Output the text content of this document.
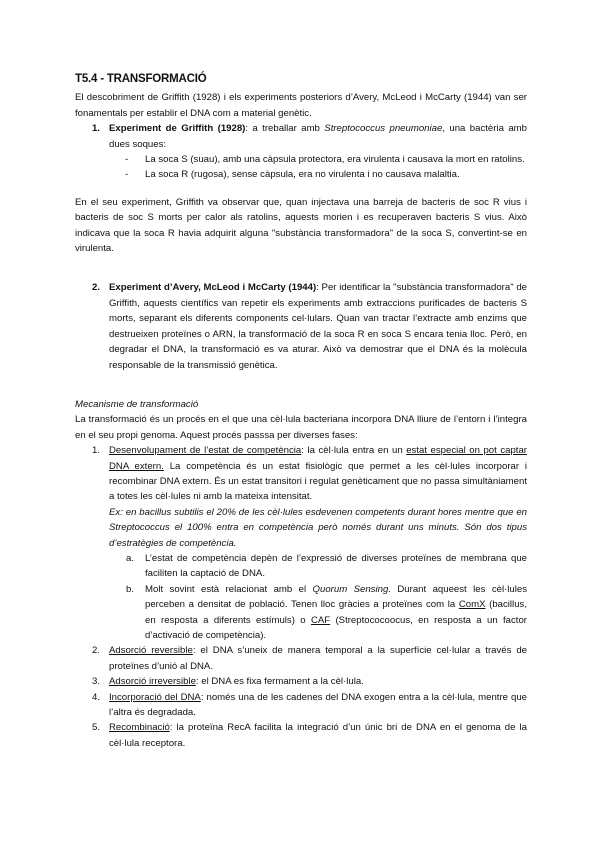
T5.4 - TRANSFORMACIÓ

El descobriment de Griffith (1928) i els experiments posteriors d’Avery, McLeod i McCarty (1944) van ser fonamentals per establir el DNA com a material genètic.

1. Experiment de Griffith (1928): a treballar amb Streptococcus pneumoniae, una bactèria amb dues soques:
- La soca S (suau), amb una càpsula protectora, era virulenta i causava la mort en ratolins.
- La soca R (rugosa), sense càpsula, era no virulenta i no causava malaltia.

En el seu experiment, Griffith va observar que, quan injectava una barreja de bacteris de soc R vius i bacteris de soc S morts per calor als ratolins, aquests morien i es recuperaven bacteris S vius. Això indicava que la soca R havia adquirit alguna "substància transformadora" de la soca S, convertint-se en virulenta.

2. Experiment d’Avery, McLeod i McCarty (1944): Per identificar la "substància transformadora" de Griffith, aquests científics van repetir els experiments amb extraccions purificades de bacteris S morts, separant els diferents components cel·lulars. Quan van tractar l’extracte amb enzims que destrueixen proteïnes o ARN, la transformació de la soca R en soca S encara tenia lloc. Però, en degradar el DNA, la transformació es va aturar. Això va demostrar que el DNA és la molècula responsable de la transmissió genètica.

Mecanisme de transformació

La transformació és un procés en el que una cèl·lula bacteriana incorpora DNA lliure de l’entorn i l’integra en el seu propi genoma. Aquest procés passsa per diverses fases:

1. Desenvolupament de l’estat de competència: la cèl·lula entra en un estat especial on pot captar DNA extern. La competència és un estat fisiològic que permet a les cèl·lules incorporar i recombinar DNA extern. És un estat transitori i regulat genèticament que no passa simultàniament a totes les cèl·lules ni amb la mateixa intensitat.
Ex: en bacillus subtilis el 20% de les cèl·lules esdevenen competents durant hores mentre que en Streptococcus el 100% entra en competència però només durant uns minuts. Són dos tipus d’estratègies de competència.
a. L’estat de competència depèn de l’expressió de diverses proteïnes de membrana que faciliten la captació de DNA.
b. Molt sovint està relacionat amb el Quorum Sensing. Durant aqueest les cèl·lules perceben a densitat de població. Tenen lloc gràcies a proteïnes com la ComX (bacillus, en resposta a diferents estímuls) o CAF (Streptococoocus, en resposta a un factor d’activació de competència).
2. Adsorció reversible: el DNA s’uneix de manera temporal a la superfície cel·lular a través de proteïnes d’unió al DNA.
3. Adsorció irreversible: el DNA es fixa fermament a la cèl·lula.
4. Incorporació del DNA: només una de les cadenes del DNA exogen entra a la cèl·lula, mentre que l’altra és degradada.
5. Recombinació: la proteïna RecA facilita la integració d’un únic bri de DNA en el genoma de la cèl·lula receptora.
